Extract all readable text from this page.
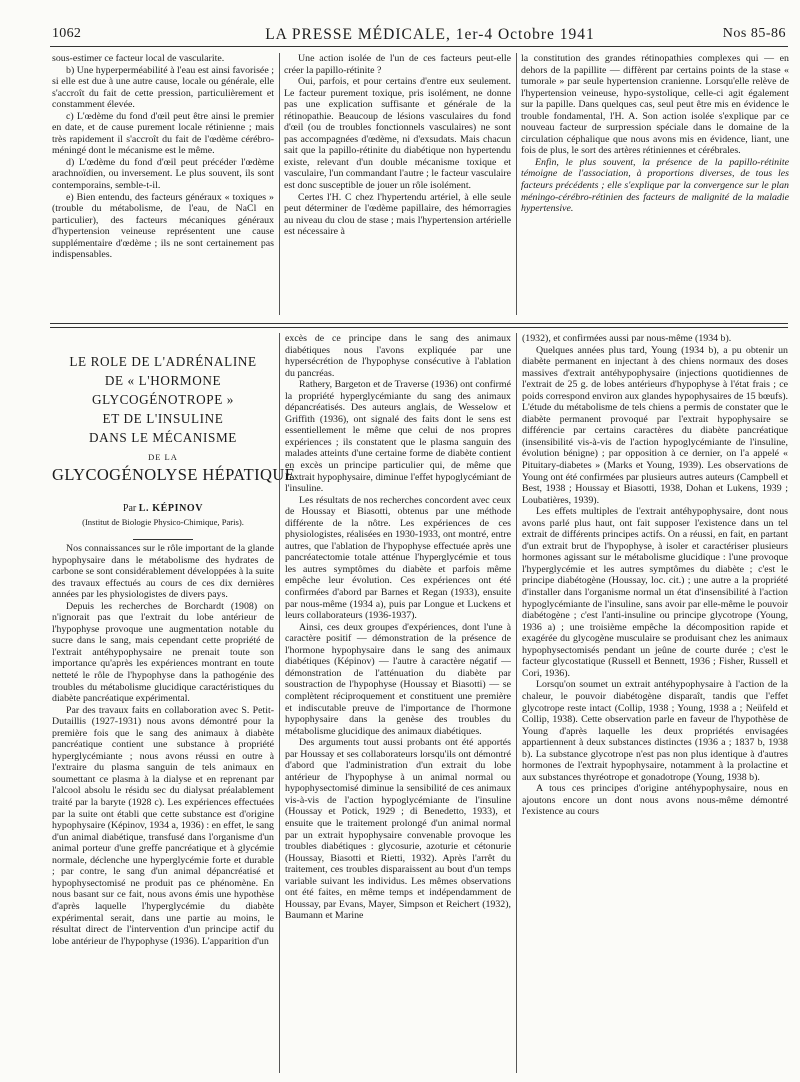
1062	LA PRESSE MÉDICALE, 1er-4 Octobre 1941	Nos 85-86

sous-estimer ce facteur local de vascularite.

b) Une hyperperméabilité à l'eau est ainsi favorisée ; si elle est due à une autre cause, locale ou générale, elle s'accroît du fait de cette pression, particulièrement et constamment élevée.

c) L'œdème du fond d'œil peut être ainsi le premier en date, et de cause purement locale rétinienne ; mais très rapidement il s'accroît du fait de l'œdème cérébro-méningé dont le mécanisme est le même.

d) L'œdème du fond d'œil peut précéder l'œdème arachnoïdien, ou inversement. Le plus souvent, ils sont contemporains, semble-t-il.

e) Bien entendu, des facteurs généraux « toxiques » (trouble du métabolisme, de l'eau, de NaCl en particulier), des facteurs mécaniques généraux d'hypertension veineuse représentent une cause supplémentaire d'œdème ; ils ne sont certainement pas indispensables.

Une action isolée de l'un de ces facteurs peut-elle créer la papillo-rétinite ?

Oui, parfois, et pour certains d'entre eux seulement. Le facteur purement toxique, pris isolément, ne donne pas une explication suffisante et générale de la rétinopathie. Beaucoup de lésions vasculaires du fond d'œil (ou de troubles fonctionnels vasculaires) ne sont pas accompagnées d'œdème, ni d'exsudats. Mais chacun sait que la papillo-rétinite du diabétique non hypertendu existe, relevant d'un double mécanisme toxique et vasculaire, l'un commandant l'autre ; le facteur vasculaire est donc susceptible de jouer un rôle isolément.

Certes l'H. C chez l'hypertendu artériel, à elle seule peut déterminer de l'œdème papillaire, des hémorragies au niveau du clou de stase ; mais l'hypertension artérielle est nécessaire à

la constitution des grandes rétinopathies complexes qui — en dehors de la papillite — diffèrent par certains points de la stase « tumorale » par seule hypertension cranienne. Lorsqu'elle relève de l'hypertension veineuse, hypo-systolique, celle-ci agit également sur la papille. Dans quelques cas, seul peut être mis en évidence le trouble fondamental, l'H. A. Son action isolée s'explique par ce nouveau facteur de surpression spéciale dans le domaine de la circulation céphalique que nous avons mis en évidence, liant, une fois de plus, le sort des artères rétiniennes et cérébrales.

Enfin, le plus souvent, la présence de la papillo-rétinite témoigne de l'association, à proportions diverses, de tous les facteurs précédents ; elle s'explique par la convergence sur le plan méningo-cérébro-rétinien des facteurs de malignité de la maladie hypertensive.

LE ROLE DE L'ADRÉNALINE
DE « L'HORMONE
GLYCOGÉNOTROPE »
ET DE L'INSULINE
DANS LE MÉCANISME
DE LA
GLYCOGÉNOLYSE HÉPATIQUE
Par L. KÉPINOV
(Institut de Biologie Physico-Chimique, Paris).

Nos connaissances sur le rôle important de la glande hypophysaire dans le métabolisme des hydrates de carbone se sont considérablement développées à la suite des travaux effectués au cours de ces dix dernières années par les physiologistes de divers pays.

Depuis les recherches de Borchardt (1908) on n'ignorait pas que l'extrait du lobe antérieur de l'hypophyse provoque une augmentation notable du sucre dans le sang, mais cependant cette propriété de l'extrait antéhypophysaire ne prenait toute son importance qu'après les expériences montrant en toute netteté le rôle de l'hypophyse dans la pathogénie des troubles du métabolisme glucidique caractéristiques du diabète pancréatique expérimental.

Par des travaux faits en collaboration avec S. Petit-Dutaillis (1927-1931) nous avons démontré pour la première fois que le sang des animaux à diabète pancréatique contient une substance à propriété hyperglycémiante ; nous avons réussi en outre à l'extraire du plasma sanguin de tels animaux en soumettant ce plasma à la dialyse et en reprenant par l'alcool absolu le résidu sec du dialysat préalablement traité par la baryte (1928 c). Les expériences effectuées par la suite ont établi que cette substance est d'origine hypophysaire (Képinov, 1934 a, 1936) : en effet, le sang d'un animal diabétique, transfusé dans l'organisme d'un animal porteur d'une greffe pancréatique et à glycémie normale, déclenche une hyperglycémie forte et durable ; par contre, le sang d'un animal dépancréatisé et hypophysectomisé ne produit pas ce phénomène. En nous basant sur ce fait, nous avons émis une hypothèse d'après laquelle l'hyperglycémie du diabète expérimental serait, dans une partie au moins, le résultat direct de l'intervention d'un principe actif du lobe antérieur de l'hypophyse (1936). L'apparition d'un

excès de ce principe dans le sang des animaux diabétiques nous l'avons expliquée par une hypersécrétion de l'hypophyse consécutive à l'ablation du pancréas.

Rathery, Bargeton et de Traverse (1936) ont confirmé la propriété hyperglycémiante du sang des animaux dépancréatisés. Des auteurs anglais, de Wesselow et Griffith (1936), ont signalé des faits dont le sens est essentiellement le même que celui de nos propres expériences ; ils constatent que le plasma sanguin des malades atteints d'une certaine forme de diabète contient en excès un principe particulier qui, de même que l'extrait hypophysaire, diminue l'effet hypoglycémiant de l'insuline.

Les résultats de nos recherches concordent avec ceux de Houssay et Biasotti, obtenus par une méthode différente de la nôtre. Les expériences de ces physiologistes, réalisées en 1930-1933, ont montré, entre autres, que l'ablation de l'hypophyse effectuée après une pancréatectomie totale atténue l'hyperglycémie et tous les autres symptômes du diabète et parfois même empêche leur évolution. Ces expériences ont été confirmées d'abord par Barnes et Regan (1933), ensuite par nous-même (1934 a), puis par Longue et Luckens et leurs collaborateurs (1936-1937).

Ainsi, ces deux groupes d'expériences, dont l'une à caractère positif — démonstration de la présence de l'hormone hypophysaire dans le sang des animaux diabétiques (Képinov) — l'autre à caractère négatif — démonstration de l'atténuation du diabète par soustraction de l'hypophyse (Houssay et Biasotti) — se complètent réciproquement et constituent une première et indiscutable preuve de l'importance de l'hormone hypophysaire dans la genèse des troubles du métabolisme glucidique des animaux diabétiques.

Des arguments tout aussi probants ont été apportés par Houssay et ses collaborateurs lorsqu'ils ont démontré d'abord que l'administration d'un extrait du lobe antérieur de l'hypophyse à un animal normal ou hypophysectomisé diminue la sensibilité de ces animaux vis-à-vis de l'action hypoglycémiante de l'insuline (Houssay et Potick, 1929 ; di Benedetto, 1933), et ensuite que le traitement prolongé d'un animal normal par un extrait hypophysaire convenable provoque les troubles diabétiques : glycosurie, azoturie et cétonurie (Houssay, Biasotti et Rietti, 1932). Après l'arrêt du traitement, ces troubles disparaissent au bout d'un temps variable suivant les individus. Les mêmes observations ont été faites, en même temps et indépendamment de Houssay, par Evans, Mayer, Simpson et Reichert (1932), Baumann et Marine

(1932), et confirmées aussi par nous-même (1934 b).

Quelques années plus tard, Young (1934 b), a pu obtenir un diabète permanent en injectant à des chiens normaux des doses massives d'extrait antéhypophysaire (injections quotidiennes de l'extrait de 25 g. de lobes antérieurs d'hypophyse à l'état frais ; ce poids correspond environ aux glandes hypophysaires de 15 bœufs). L'étude du métabolisme de tels chiens a permis de constater que le diabète permanent provoqué par l'extrait hypophysaire se différencie par certains caractères du diabète pancréatique (insensibilité vis-à-vis de l'action hypoglycémiante de l'insuline, évolution bénigne) ; par opposition à ce dernier, on l'a appelé « Pituitary-diabetes » (Marks et Young, 1939). Les observations de Young ont été confirmées par plusieurs autres auteurs (Campbell et Best, 1938 ; Houssay et Biasotti, 1938, Dohan et Lukens, 1939 ; Loubatières, 1939).

Les effets multiples de l'extrait antéhypophysaire, dont nous avons parlé plus haut, ont fait supposer l'existence dans un tel extrait de différents principes actifs. On a réussi, en fait, en partant d'un extrait brut de l'hypophyse, à isoler et caractériser plusieurs hormones agissant sur le métabolisme glucidique : l'une provoque l'hyperglycémie et les autres symptômes du diabète ; c'est le principe diabétogène (Houssay, loc. cit.) ; une autre a la propriété d'installer dans l'organisme normal un état d'insensibilité à l'action hypoglycémiante de l'insuline, sans avoir par elle-même le pouvoir diabétogène ; c'est l'anti-insuline ou principe glycotrope (Young, 1936 a) ; une troisième empêche la décomposition rapide et exagérée du glycogène musculaire se produisant chez les animaux hypophysectomisés pendant un jeûne de courte durée ; c'est le facteur glycostatique (Russell et Bennett, 1936 ; Fisher, Russell et Cori, 1936).

Lorsqu'on soumet un extrait antéhypophysaire à l'action de la chaleur, le pouvoir diabétogène disparaît, tandis que l'effet glycotrope reste intact (Collip, 1938 ; Young, 1938 a ; Neüfeld et Collip, 1938). Cette observation parle en faveur de l'hypothèse de Young d'après laquelle les deux propriétés envisagées appartiennent à deux substances distinctes (1936 a ; 1837 b, 1938 b). La substance glycotrope n'est pas non plus identique à d'autres hormones de l'extrait hypophysaire, notamment à la prolactine et aux substances thyréotrope et gonadotrope (Young, 1938 b).

A tous ces principes d'origine antéhypophysaire, nous en ajoutons encore un dont nous avons nous-même démontré l'existence au cours
